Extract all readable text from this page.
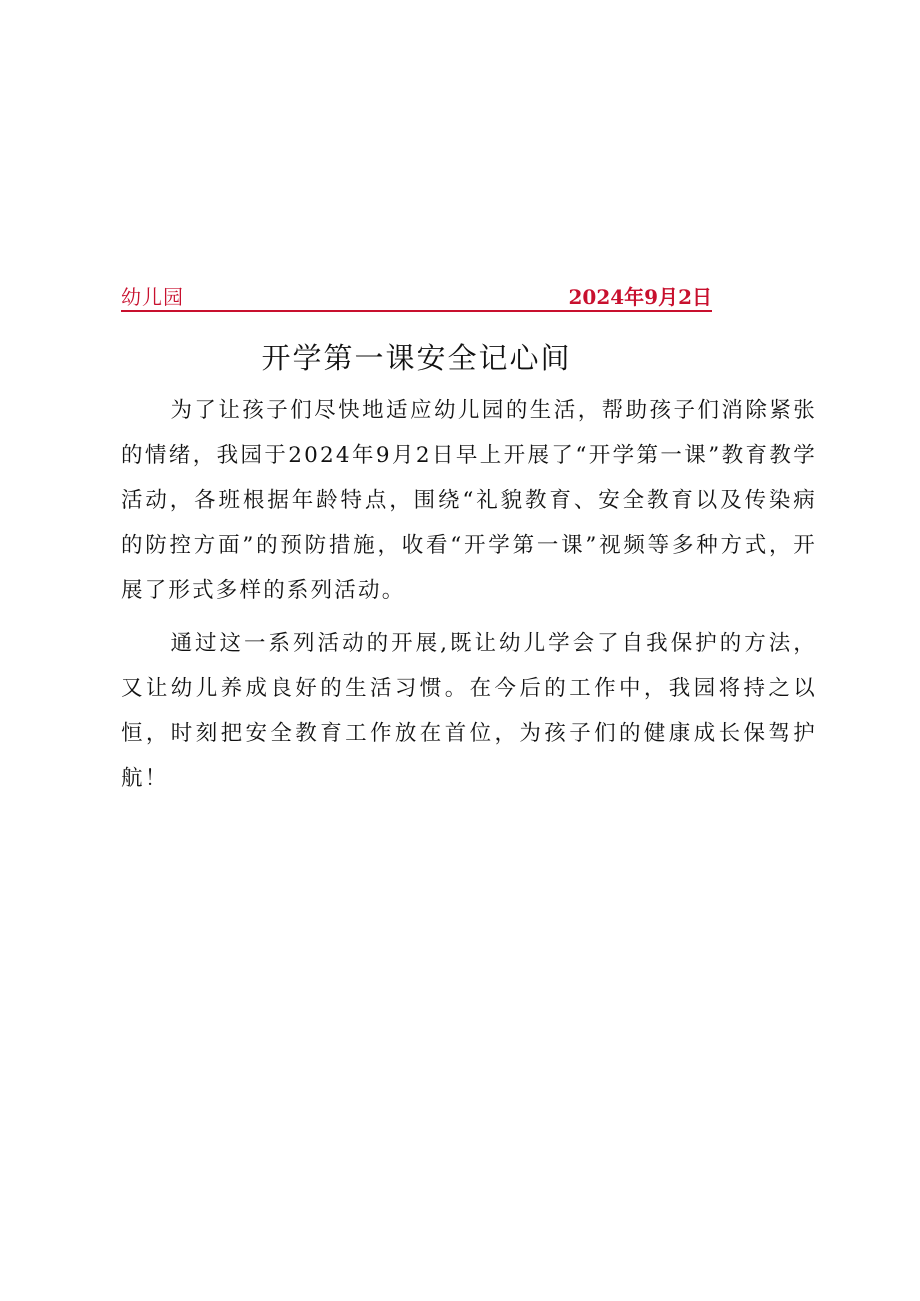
幼儿园	2024年9月2日
开学第一课安全记心间

为了让孩子们尽快地适应幼儿园的生活，帮助孩子们消除紧张的情绪，我园于2024年9月2日早上开展了“开学第一课”教育教学活动，各班根据年龄特点，围绕“礼貌教育、安全教育以及传染病的防控方面”的预防措施，收看“开学第一课”视频等多种方式，开展了形式多样的系列活动。

通过这一系列活动的开展,既让幼儿学会了自我保护的方法，又让幼儿养成良好的生活习惯。在今后的工作中，我园将持之以恒，时刻把安全教育工作放在首位，为孩子们的健康成长保驾护航！
